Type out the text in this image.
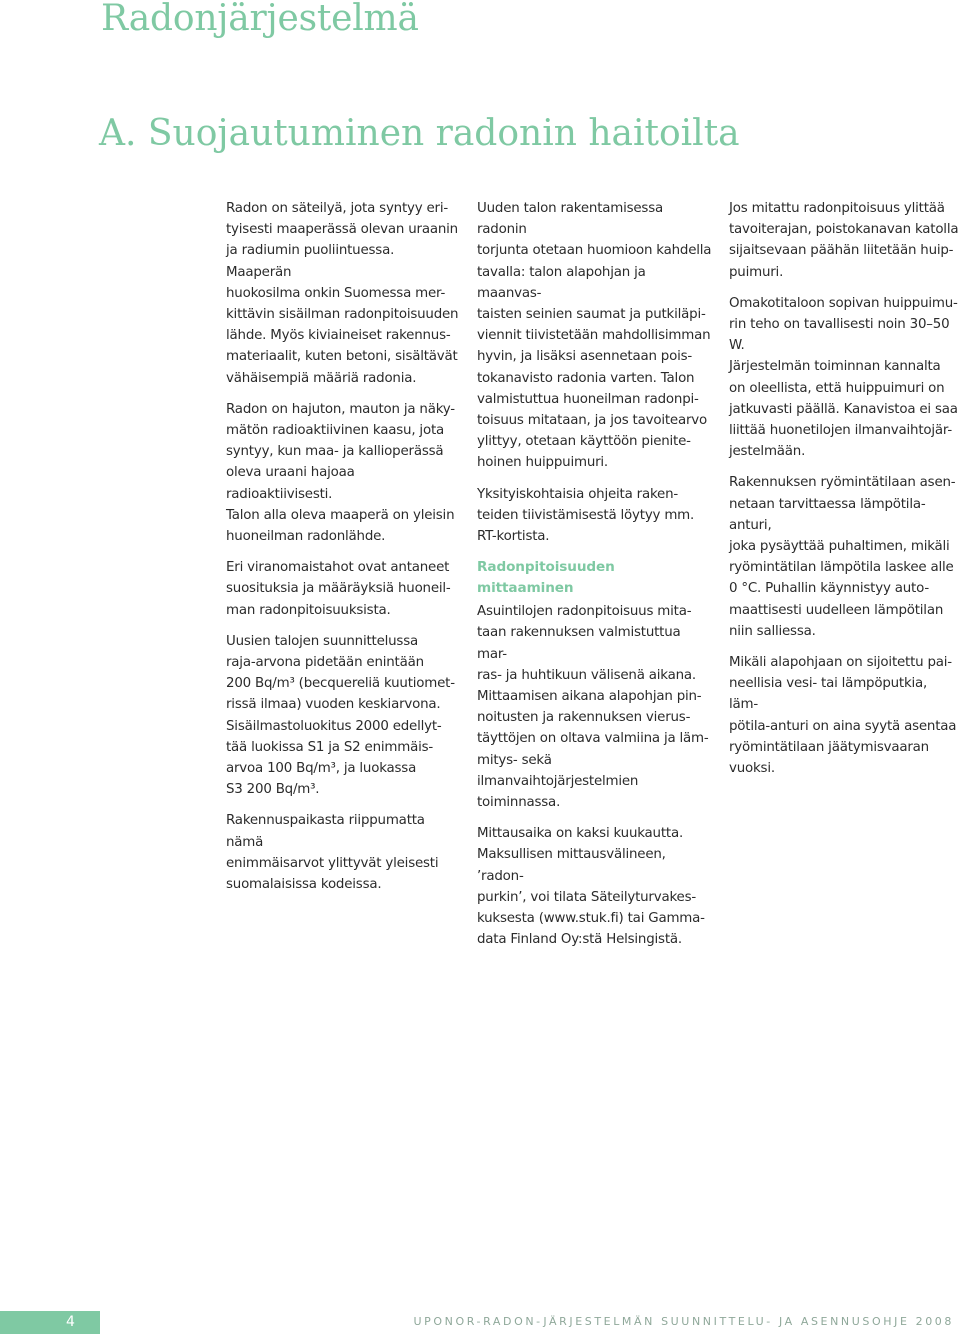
Radonjärjestelmä
A. Suojautuminen radonin haitoilta

Radon on säteilyä, jota syntyy eri-
tyisesti maaperässä olevan uraanin
ja radiumin puoliintuessa. Maaperän
huokosilma onkin Suomessa mer-
kittävin sisäilman radonpitoisuuden
lähde. Myös kiviaineiset rakennus-
materiaalit, kuten betoni, sisältävät
vähäisempiä määriä radonia.

Radon on hajuton, mauton ja näky-
mätön radioaktiivinen kaasu, jota
syntyy, kun maa- ja kallioperässä
oleva uraani hajoaa radioaktiivisesti.
Talon alla oleva maaperä on yleisin
huoneilman radonlähde.

Eri viranomaistahot ovat antaneet
suosituksia ja määräyksiä huoneil-
man radonpitoisuuksista.

Uusien talojen suunnittelussa
raja-arvona pidetään enintään
200 Bq/m³ (becquereliä kuutiomet-
rissä ilmaa) vuoden keskiarvona.
Sisäilmastoluokitus 2000 edellyt-
tää luokissa S1 ja S2 enimmäis-
arvoa 100 Bq/m³, ja luokassa
S3 200 Bq/m³.

Rakennuspaikasta riippumatta nämä
enimmäisarvot ylittyvät yleisesti
suomalaisissa kodeissa.

Uuden talon rakentamisessa radonin
torjunta otetaan huomioon kahdella
tavalla: talon alapohjan ja maanvas-
taisten seinien saumat ja putkiläpi-
viennit tiivistetään mahdollisimman
hyvin, ja lisäksi asennetaan pois-
tokanavisto radonia varten. Talon
valmistuttua huoneilman radonpi-
toisuus mitataan, ja jos tavoitearvo
ylittyy, otetaan käyttöön pienite-
hoinen huippuimuri.

Yksityiskohtaisia ohjeita raken-
teiden tiivistämisestä löytyy mm.
RT-kortista.

Radonpitoisuuden mittaaminen

Asuintilojen radonpitoisuus mita-
taan rakennuksen valmistuttua mar-
ras- ja huhtikuun välisenä aikana.
Mittaamisen aikana alapohjan pin-
noitusten ja rakennuksen vierus-
täyttöjen on oltava valmiina ja läm-
mitys- sekä ilmanvaihtojärjestelmien
toiminnassa.

Mittausaika on kaksi kuukautta.
Maksullisen mittausvälineen, ’radon-
purkin’, voi tilata Säteilyturvakes-
kuksesta (www.stuk.fi) tai Gamma-
data Finland Oy:stä Helsingistä.

Jos mitattu radonpitoisuus ylittää
tavoiterajan, poistokanavan katolla
sijaitsevaan päähän liitetään huip-
puimuri.

Omakotitaloon sopivan huippuimu-
rin teho on tavallisesti noin 30–50 W.
Järjestelmän toiminnan kannalta
on oleellista, että huippuimuri on
jatkuvasti päällä. Kanavistoa ei saa
liittää huonetilojen ilmanvaihtojär-
jestelmään.

Rakennuksen ryömintätilaan asen-
netaan tarvittaessa lämpötila-anturi,
joka pysäyttää puhaltimen, mikäli
ryömintätilan lämpötila laskee alle
0 °C. Puhallin käynnistyy auto-
maattisesti uudelleen lämpötilan
niin salliessa.

Mikäli alapohjaan on sijoitettu pai-
neellisia vesi- tai lämpöputkia, läm-
pötila-anturi on aina syytä asentaa
ryömintätilaan jäätymisvaaran
vuoksi.

4	UPONOR-RADON-JÄRJESTELMÄN SUUNNITTELU- JA ASENNUSOHJE 2008
